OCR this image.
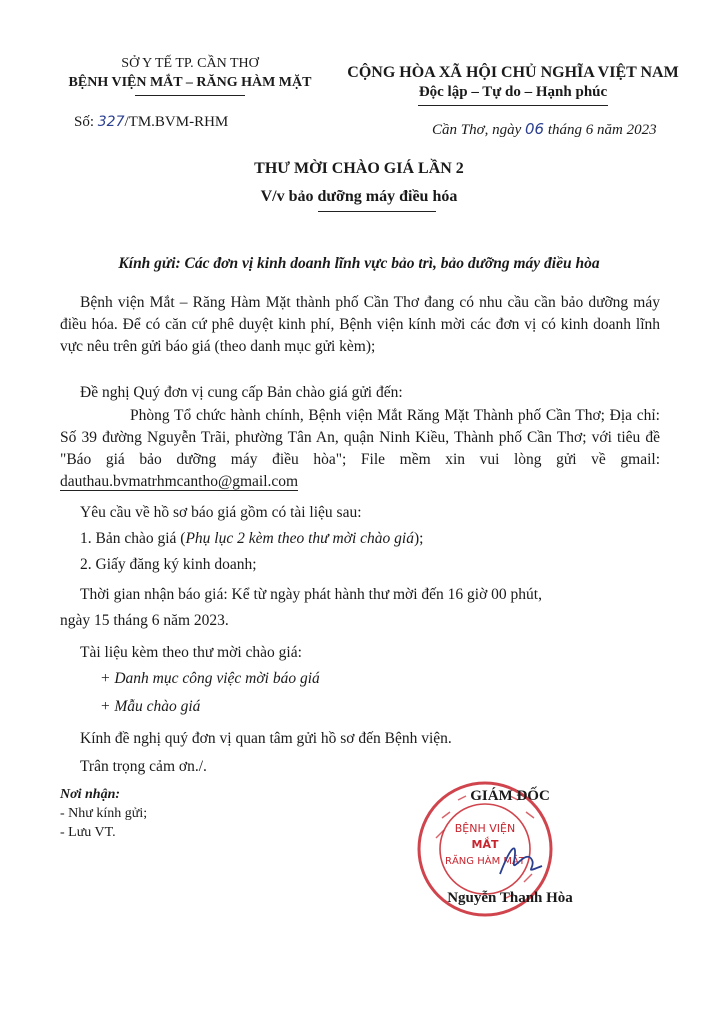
SỞ Y TẾ TP. CẦN THƠ
BỆNH VIỆN MẮT – RĂNG HÀM MẶT
Số: 327/TM.BVM-RHM
CỘNG HÒA XÃ HỘI CHỦ NGHĨA VIỆT NAM
Độc lập – Tự do – Hạnh phúc
Cần Thơ, ngày 06 tháng 6 năm 2023
THƯ MỜI CHÀO GIÁ LẦN 2
V/v bảo dưỡng máy điều hóa
Kính gửi: Các đơn vị kinh doanh lĩnh vực bảo trì, bảo dưỡng máy điều hòa
Bệnh viện Mắt – Răng Hàm Mặt thành phố Cần Thơ đang có nhu cầu cần bảo dưỡng máy điều hóa. Để có căn cứ phê duyệt kinh phí, Bệnh viện kính mời các đơn vị có kinh doanh lĩnh vực nêu trên gửi báo giá (theo danh mục gửi kèm);
Đề nghị Quý đơn vị cung cấp Bản chào giá gửi đến:
Phòng Tổ chức hành chính, Bệnh viện Mắt Răng Mặt Thành phố Cần Thơ; Địa chỉ: Số 39 đường Nguyễn Trãi, phường Tân An, quận Ninh Kiều, Thành phố Cần Thơ; với tiêu đề "Báo giá bảo dưỡng máy điều hòa"; File mềm xin vui lòng gửi về gmail: dauthau.bvmatrhmcantho@gmail.com
Yêu cầu về hồ sơ báo giá gồm có tài liệu sau:
1. Bản chào giá (Phụ lục 2 kèm theo thư mời chào giá);
2. Giấy đăng ký kinh doanh;
Thời gian nhận báo giá: Kể từ ngày phát hành thư mời đến 16 giờ 00 phút,
ngày 15 tháng 6 năm 2023.
Tài liệu kèm theo thư mời chào giá:
+ Danh mục công việc mời báo giá
+ Mẫu chào giá
Kính đề nghị quý đơn vị quan tâm gửi hồ sơ đến Bệnh viện.
Trân trọng cảm ơn./.
Nơi nhận:
- Như kính gửi;
- Lưu VT.	BỆNH VIỆN
MẮT
RĂNG HÀM MẶT
GIÁM ĐỐC
Nguyễn Thanh Hòa
